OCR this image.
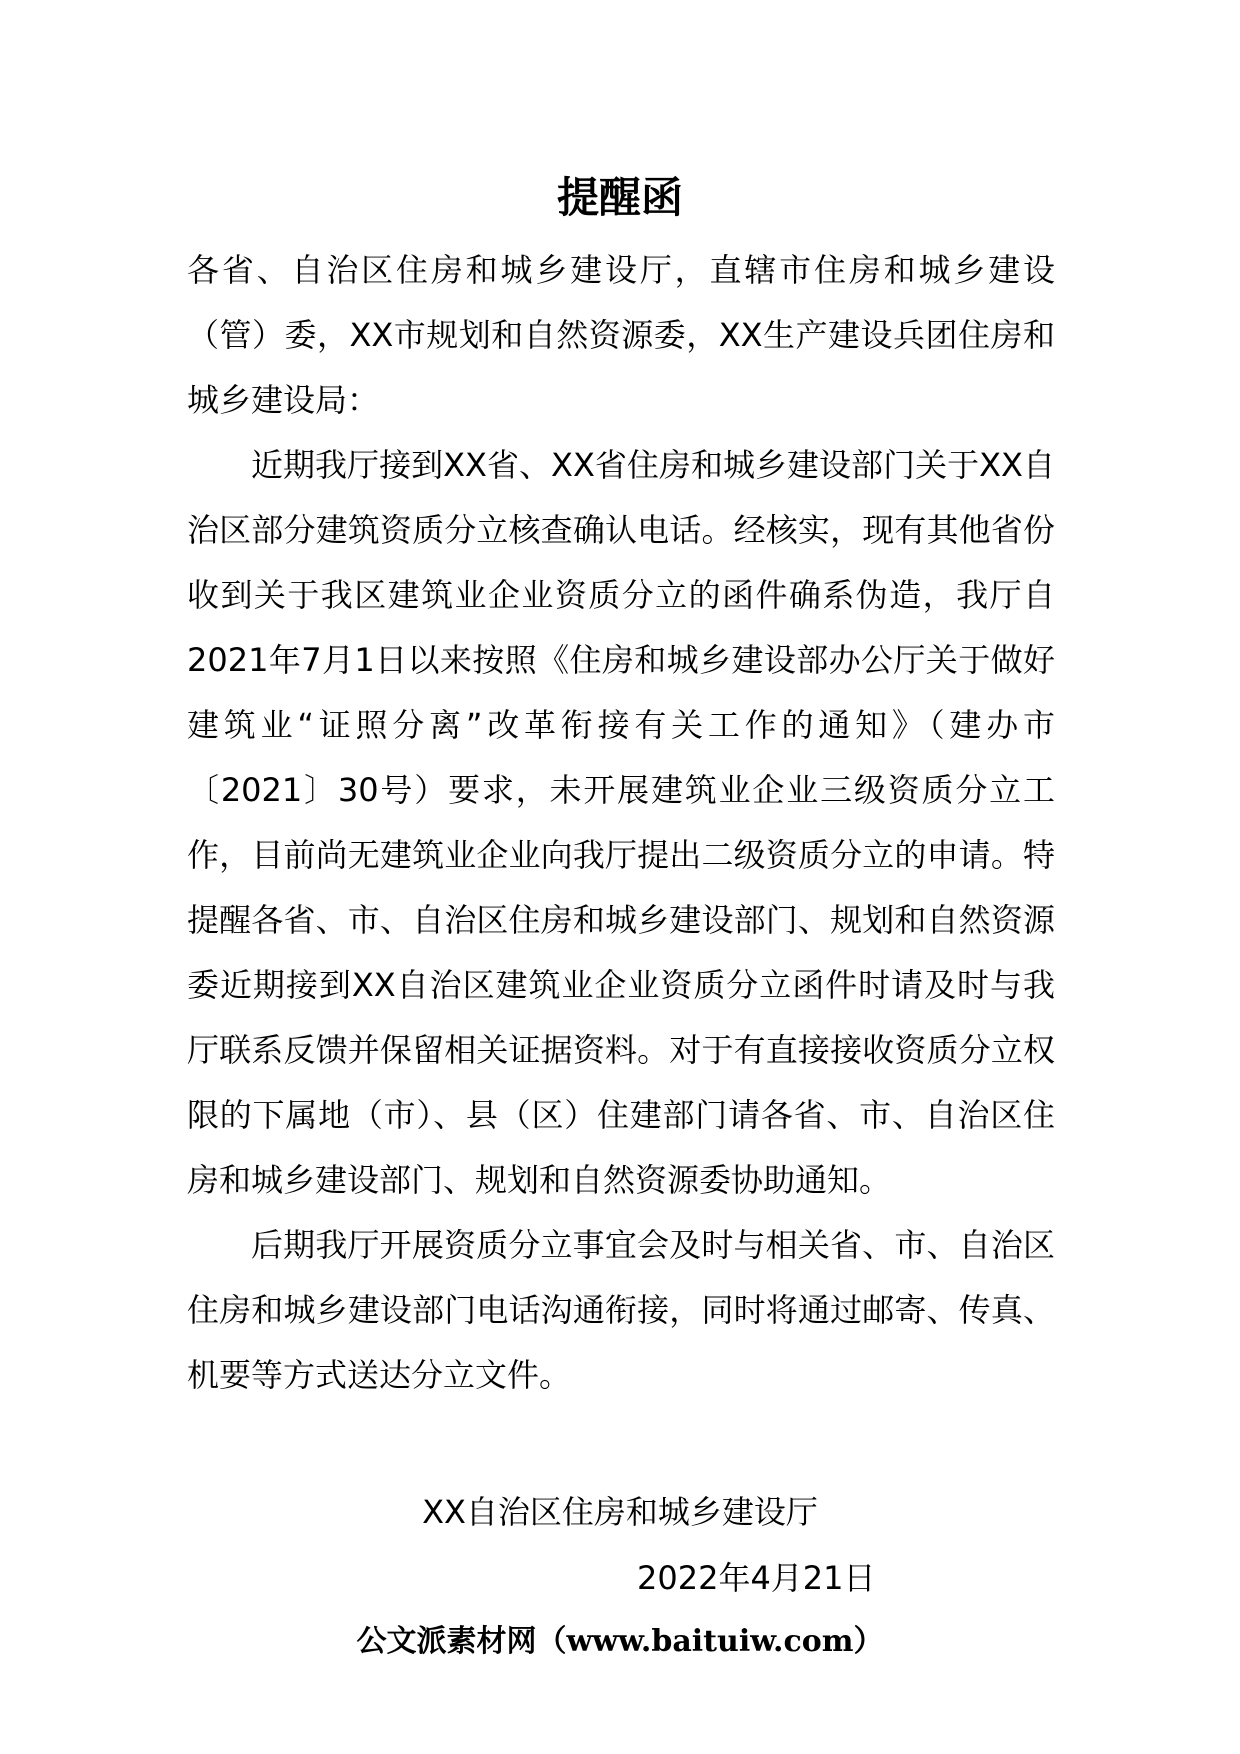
提醒函

各省、自治区住房和城乡建设厅，直辖市住房和城乡建设（管）委，XX市规划和自然资源委，XX生产建设兵团住房和城乡建设局：

近期我厅接到XX省、XX省住房和城乡建设部门关于XX自治区部分建筑资质分立核查确认电话。经核实，现有其他省份收到关于我区建筑业企业资质分立的函件确系伪造，我厅自2021年7月1日以来按照《住房和城乡建设部办公厅关于做好建筑业“证照分离”改革衔接有关工作的通知》（建办市〔2021〕30号）要求，未开展建筑业企业三级资质分立工作，目前尚无建筑业企业向我厅提出二级资质分立的申请。特提醒各省、市、自治区住房和城乡建设部门、规划和自然资源委近期接到XX自治区建筑业企业资质分立函件时请及时与我厅联系反馈并保留相关证据资料。对于有直接接收资质分立权限的下属地（市）、县（区）住建部门请各省、市、自治区住房和城乡建设部门、规划和自然资源委协助通知。

后期我厅开展资质分立事宜会及时与相关省、市、自治区住房和城乡建设部门电话沟通衔接，同时将通过邮寄、传真、机要等方式送达分立文件。

XX自治区住房和城乡建设厅
2022年4月21日
公文派素材网（www.baituiw.com）
